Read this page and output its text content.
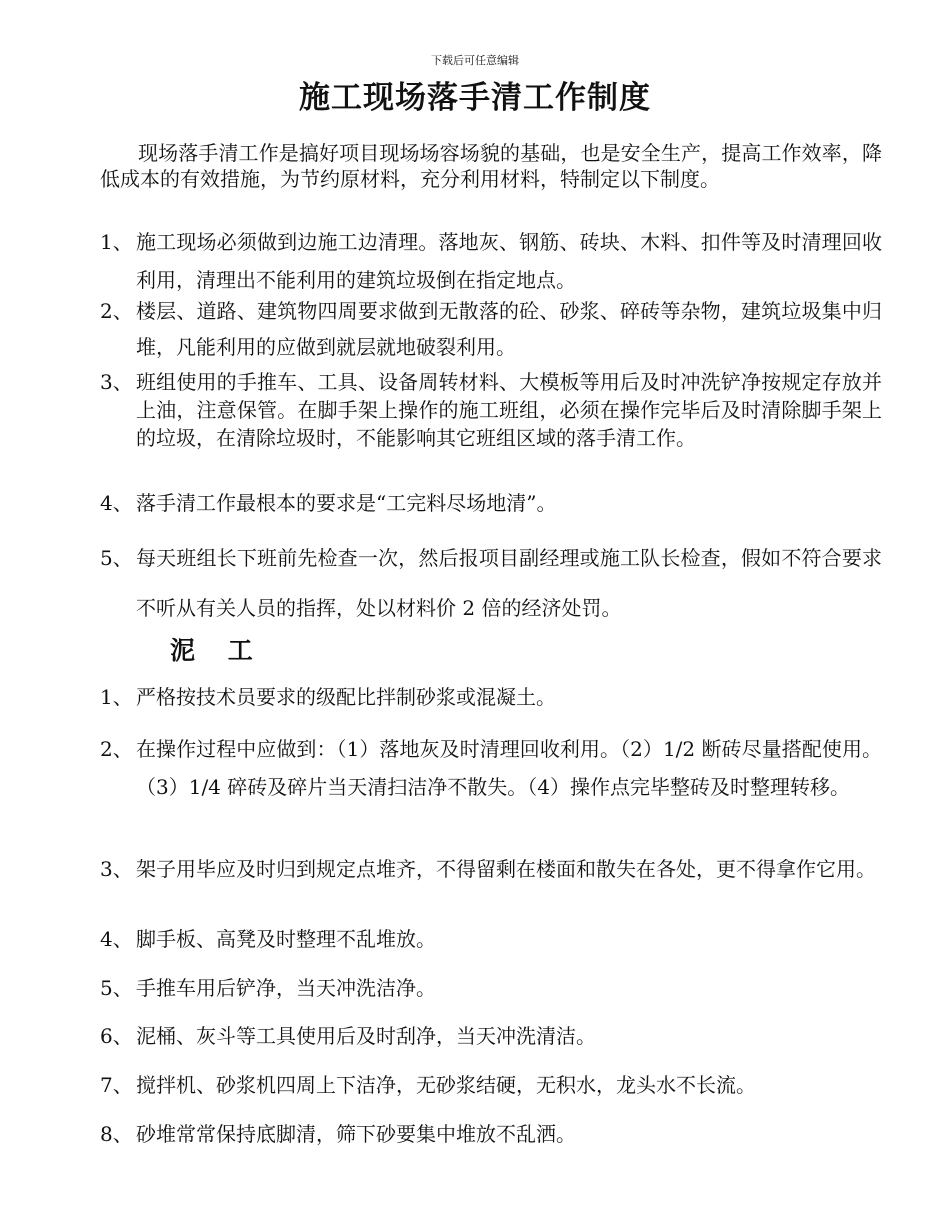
下载后可任意编辑
施工现场落手清工作制度
现场落手清工作是搞好项目现场场容场貌的基础，也是安全生产，提高工作效率，降低成本的有效措施，为节约原材料，充分利用材料，特制定以下制度。
1、 施工现场必须做到边施工边清理。落地灰、钢筋、砖块、木料、扣件等及时清理回收利用，清理出不能利用的建筑垃圾倒在指定地点。
2、 楼层、道路、建筑物四周要求做到无散落的砼、砂浆、碎砖等杂物，建筑垃圾集中归堆，凡能利用的应做到就层就地破裂利用。
3、 班组使用的手推车、工具、设备周转材料、大模板等用后及时冲洗铲净按规定存放并上油，注意保管。在脚手架上操作的施工班组，必须在操作完毕后及时清除脚手架上的垃圾，在清除垃圾时，不能影响其它班组区域的落手清工作。
4、 落手清工作最根本的要求是“工完料尽场地清”。
5、 每天班组长下班前先检查一次，然后报项目副经理或施工队长检查，假如不符合要求不听从有关人员的指挥，处以材料价 2 倍的经济处罚。
泥 工
1、 严格按技术员要求的级配比拌制砂浆或混凝土。
2、 在操作过程中应做到：（1）落地灰及时清理回收利用。（2）1/2 断砖尽量搭配使用。（3）1/4 碎砖及碎片当天清扫洁净不散失。（4）操作点完毕整砖及时整理转移。
3、 架子用毕应及时归到规定点堆齐，不得留剩在楼面和散失在各处，更不得拿作它用。
4、 脚手板、高凳及时整理不乱堆放。
5、 手推车用后铲净，当天冲洗洁净。
6、 泥桶、灰斗等工具使用后及时刮净，当天冲洗清洁。
7、 搅拌机、砂浆机四周上下洁净，无砂浆结硬，无积水，龙头水不长流。
8、 砂堆常常保持底脚清，筛下砂要集中堆放不乱洒。
